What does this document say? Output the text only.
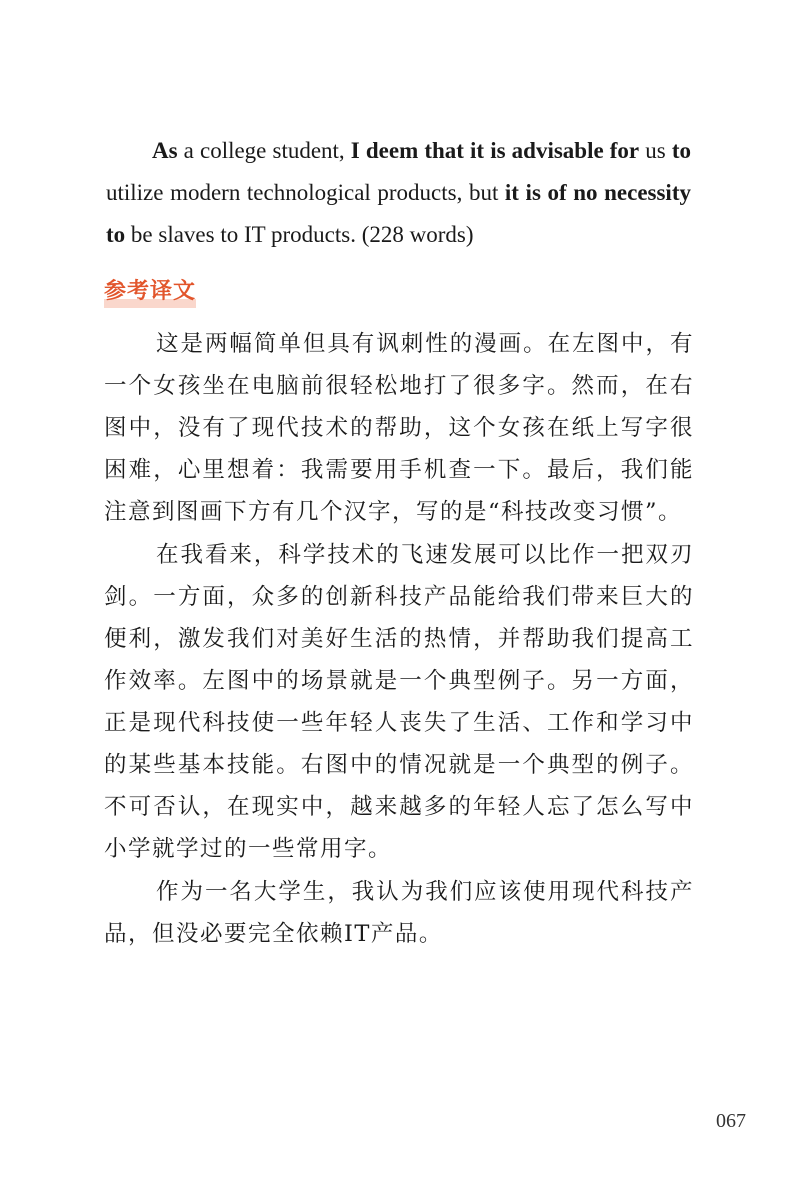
As a college student, I deem that it is advisable for us to utilize modern technological products, but it is of no necessity to be slaves to IT products. (228 words)

参考译文

这是两幅简单但具有讽刺性的漫画。在左图中，有一个女孩坐在电脑前很轻松地打了很多字。然而，在右图中，没有了现代技术的帮助，这个女孩在纸上写字很困难，心里想着：我需要用手机查一下。最后，我们能注意到图画下方有几个汉字，写的是“科技改变习惯”。

在我看来，科学技术的飞速发展可以比作一把双刃剑。一方面，众多的创新科技产品能给我们带来巨大的便利，激发我们对美好生活的热情，并帮助我们提高工作效率。左图中的场景就是一个典型例子。另一方面，正是现代科技使一些年轻人丧失了生活、工作和学习中的某些基本技能。右图中的情况就是一个典型的例子。不可否认，在现实中，越来越多的年轻人忘了怎么写中小学就学过的一些常用字。

作为一名大学生，我认为我们应该使用现代科技产品，但没必要完全依赖IT产品。

067
